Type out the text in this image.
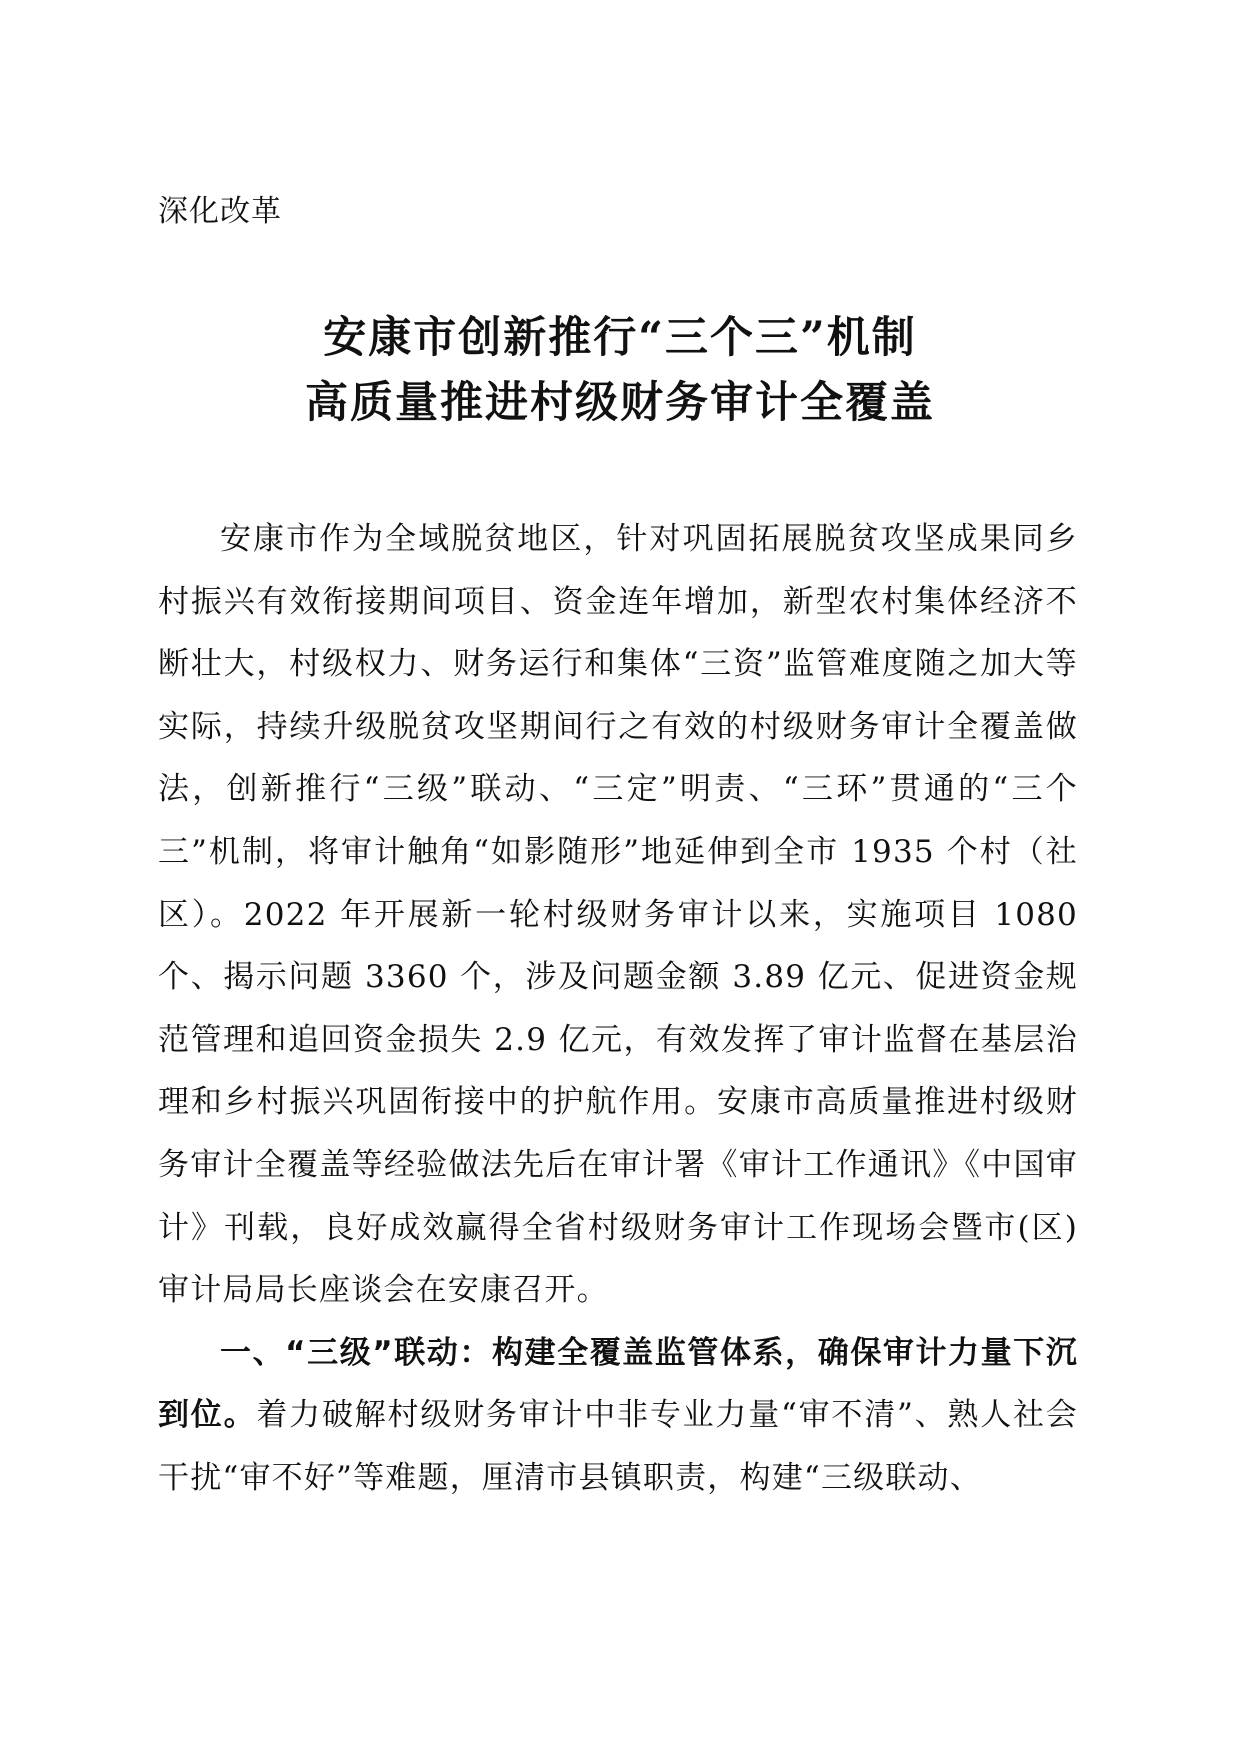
深化改革
安康市创新推行“三个三”机制
高质量推进村级财务审计全覆盖

安康市作为全域脱贫地区，针对巩固拓展脱贫攻坚成果同乡村振兴有效衔接期间项目、资金连年增加，新型农村集体经济不断壮大，村级权力、财务运行和集体“三资”监管难度随之加大等实际，持续升级脱贫攻坚期间行之有效的村级财务审计全覆盖做法，创新推行“三级”联动、“三定”明责、“三环”贯通的“三个三”机制，将审计触角“如影随形”地延伸到全市 1935 个村（社区）。2022 年开展新一轮村级财务审计以来，实施项目 1080 个、揭示问题 3360 个，涉及问题金额 3.89 亿元、促进资金规范管理和追回资金损失 2.9 亿元，有效发挥了审计监督在基层治理和乡村振兴巩固衔接中的护航作用。安康市高质量推进村级财务审计全覆盖等经验做法先后在审计署《审计工作通讯》《中国审计》刊载，良好成效赢得全省村级财务审计工作现场会暨市(区)审计局局长座谈会在安康召开。

一、“三级”联动：构建全覆盖监管体系，确保审计力量下沉到位。着力破解村级财务审计中非专业力量“审不清”、熟人社会干扰“审不好”等难题，厘清市县镇职责，构建“三级联动、
